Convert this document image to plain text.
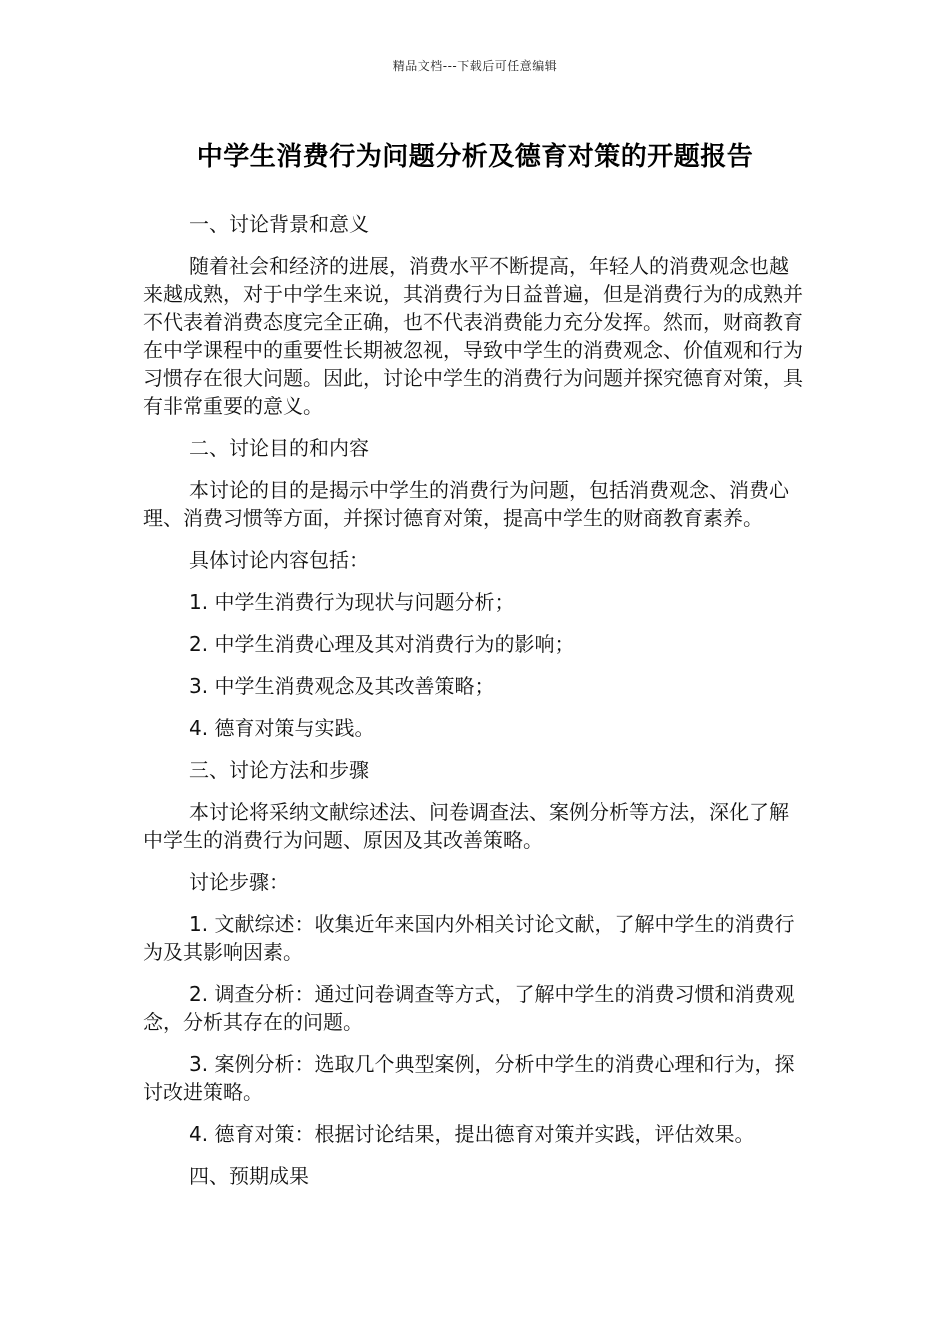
精品文档---下载后可任意编辑
中学生消费行为问题分析及德育对策的开题报告

一、讨论背景和意义

随着社会和经济的进展，消费水平不断提高，年轻人的消费观念也越来越成熟，对于中学生来说，其消费行为日益普遍，但是消费行为的成熟并不代表着消费态度完全正确，也不代表消费能力充分发挥。然而，财商教育在中学课程中的重要性长期被忽视，导致中学生的消费观念、价值观和行为习惯存在很大问题。因此，讨论中学生的消费行为问题并探究德育对策，具有非常重要的意义。

二、讨论目的和内容

本讨论的目的是揭示中学生的消费行为问题，包括消费观念、消费心理、消费习惯等方面，并探讨德育对策，提高中学生的财商教育素养。

具体讨论内容包括：

1. 中学生消费行为现状与问题分析；

2. 中学生消费心理及其对消费行为的影响；

3. 中学生消费观念及其改善策略；

4. 德育对策与实践。

三、讨论方法和步骤

本讨论将采纳文献综述法、问卷调查法、案例分析等方法，深化了解中学生的消费行为问题、原因及其改善策略。

讨论步骤：

1. 文献综述：收集近年来国内外相关讨论文献，了解中学生的消费行为及其影响因素。

2. 调查分析：通过问卷调查等方式，了解中学生的消费习惯和消费观念，分析其存在的问题。

3. 案例分析：选取几个典型案例，分析中学生的消费心理和行为，探讨改进策略。

4. 德育对策：根据讨论结果，提出德育对策并实践，评估效果。

四、预期成果
